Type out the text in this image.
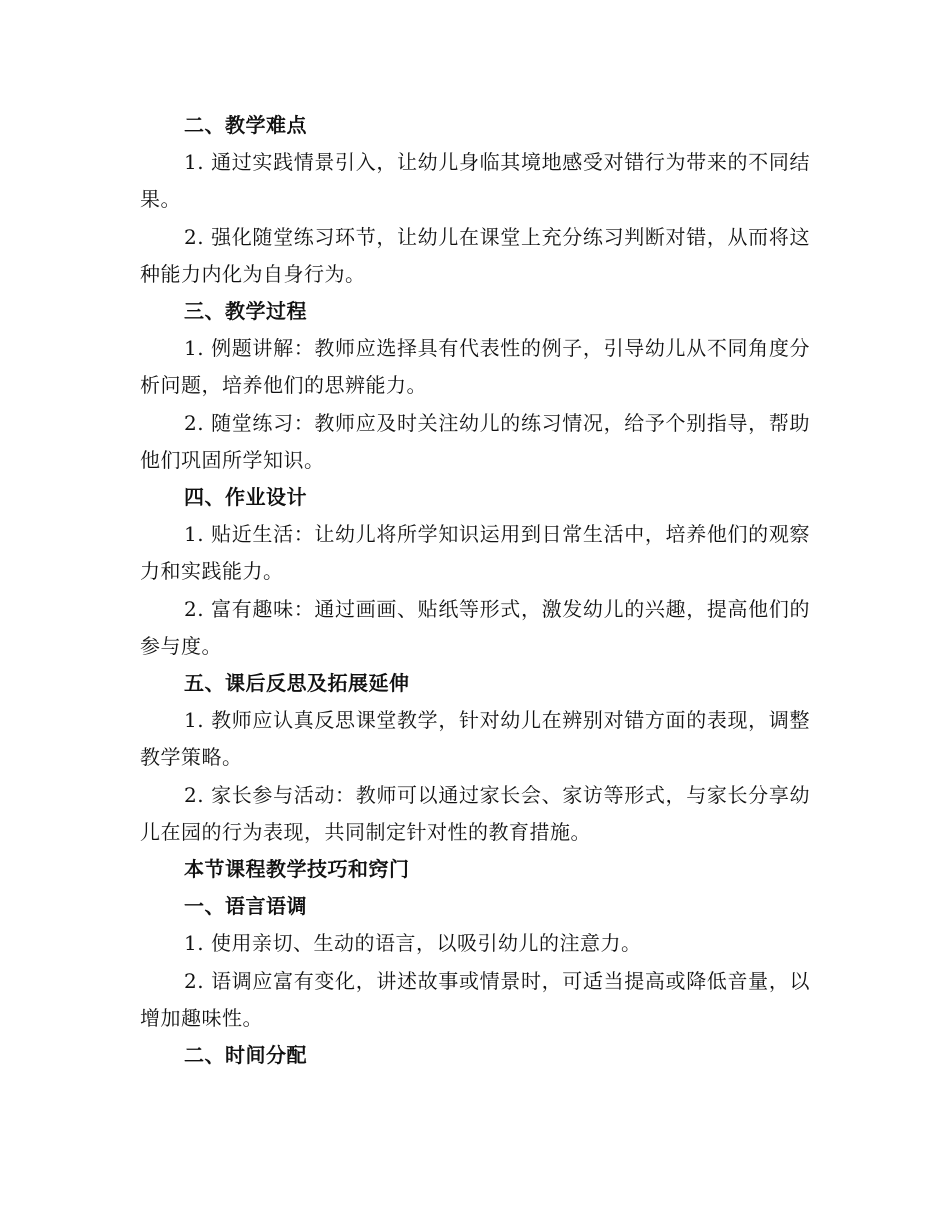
二、教学难点

1. 通过实践情景引入，让幼儿身临其境地感受对错行为带来的不同结果。

2. 强化随堂练习环节，让幼儿在课堂上充分练习判断对错，从而将这种能力内化为自身行为。

三、教学过程

1. 例题讲解：教师应选择具有代表性的例子，引导幼儿从不同角度分析问题，培养他们的思辨能力。

2. 随堂练习：教师应及时关注幼儿的练习情况，给予个别指导，帮助他们巩固所学知识。

四、作业设计

1. 贴近生活：让幼儿将所学知识运用到日常生活中，培养他们的观察力和实践能力。

2. 富有趣味：通过画画、贴纸等形式，激发幼儿的兴趣，提高他们的参与度。

五、课后反思及拓展延伸

1. 教师应认真反思课堂教学，针对幼儿在辨别对错方面的表现，调整教学策略。

2. 家长参与活动：教师可以通过家长会、家访等形式，与家长分享幼儿在园的行为表现，共同制定针对性的教育措施。

本节课程教学技巧和窍门

一、语言语调

1. 使用亲切、生动的语言，以吸引幼儿的注意力。

2. 语调应富有变化，讲述故事或情景时，可适当提高或降低音量，以增加趣味性。

二、时间分配
